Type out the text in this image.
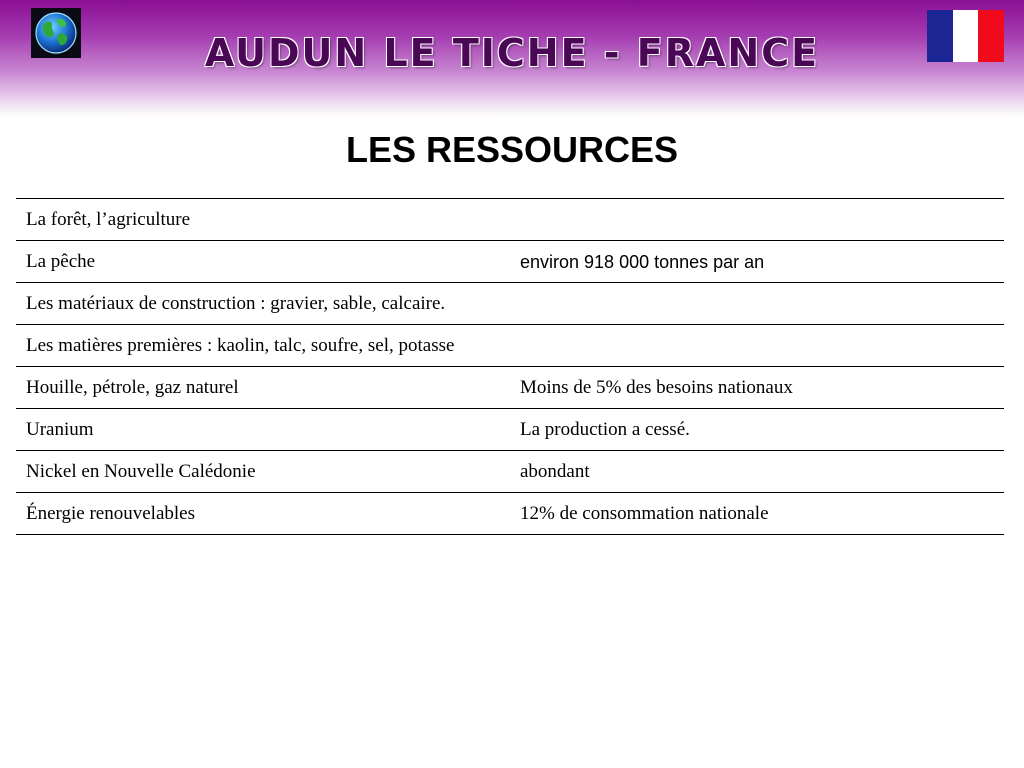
AUDUN LE TICHE - FRANCE
LES RESSOURCES
La forêt, l’agriculture	
La pêche	environ 918 000 tonnes par an
Les matériaux de construction : gravier, sable, calcaire.	
Les matières premières : kaolin, talc, soufre, sel, potasse	
Houille, pétrole, gaz naturel	Moins de 5% des besoins nationaux
Uranium	La production a cessé.
Nickel en Nouvelle Calédonie	abondant
Énergie renouvelables	12% de consommation nationale
